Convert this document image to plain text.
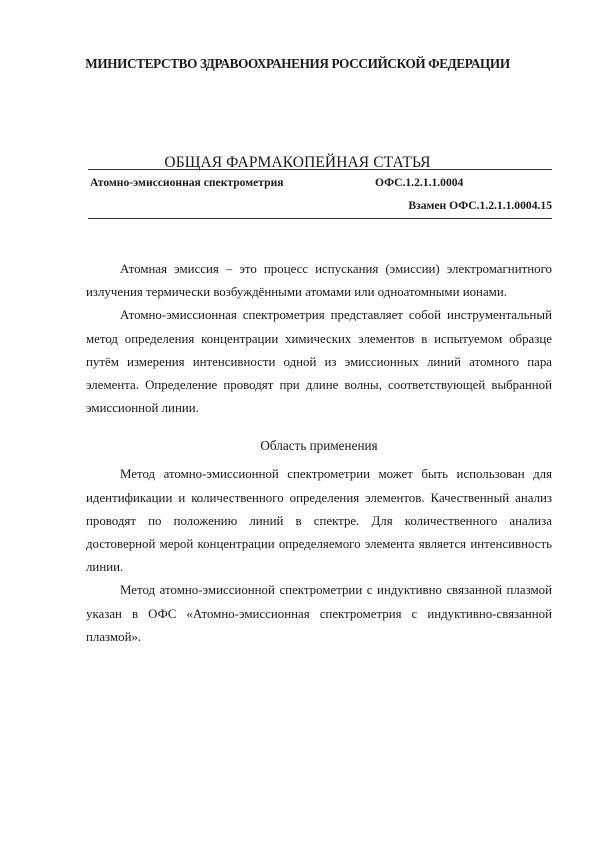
МИНИСТЕРСТВО ЗДРАВООХРАНЕНИЯ РОССИЙСКОЙ ФЕДЕРАЦИИ
ОБЩАЯ ФАРМАКОПЕЙНАЯ СТАТЬЯ
Атомно-эмиссионная спектрометрия	ОФС.1.2.1.1.0004
Взамен ОФС.1.2.1.1.0004.15

Атомная эмиссия – это процесс испускания (эмиссии) электромагнитного излучения термически возбуждёнными атомами или одноатомными ионами.

Атомно-эмиссионная спектрометрия представляет собой инструментальный метод определения концентрации химических элементов в испытуемом образце путём измерения интенсивности одной из эмиссионных линий атомного пара элемента. Определение проводят при длине волны, соответствующей выбранной эмиссионной линии.

Область применения

Метод атомно-эмиссионной спектрометрии может быть использован для идентификации и количественного определения элементов. Качественный анализ проводят по положению линий в спектре. Для количественного анализа достоверной мерой концентрации определяемого элемента является интенсивность линии.

Метод атомно-эмиссионной спектрометрии с индуктивно связанной плазмой указан в ОФС «Атомно-эмиссионная спектрометрия с индуктивно-связанной плазмой».
